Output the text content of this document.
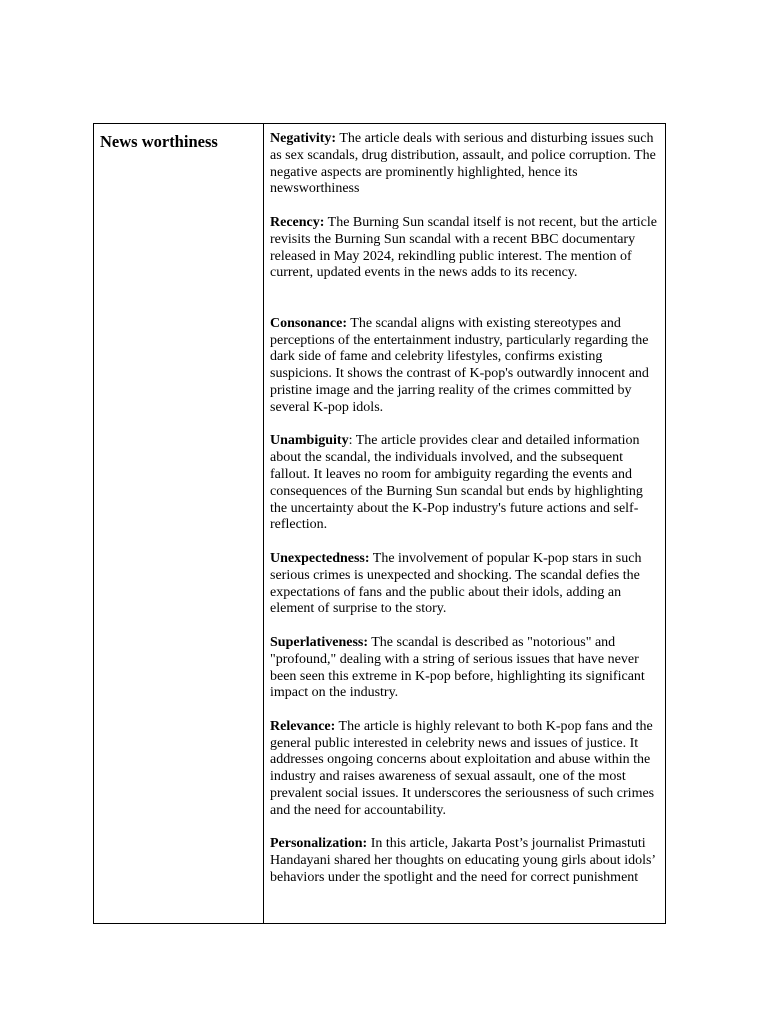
News worthiness	Negativity: The article deals with serious and disturbing issues such as sex scandals, drug distribution, assault, and police corruption. The negative aspects are prominently highlighted, hence its newsworthiness

Recency: The Burning Sun scandal itself is not recent, but the article revisits the Burning Sun scandal with a recent BBC documentary released in May 2024, rekindling public interest. The mention of current, updated events in the news adds to its recency.

Consonance: The scandal aligns with existing stereotypes and perceptions of the entertainment industry, particularly regarding the dark side of fame and celebrity lifestyles, confirms existing suspicions. It shows the contrast of K-pop's outwardly innocent and pristine image and the jarring reality of the crimes committed by several K-pop idols.

Unambiguity: The article provides clear and detailed information about the scandal, the individuals involved, and the subsequent fallout. It leaves no room for ambiguity regarding the events and consequences of the Burning Sun scandal but ends by highlighting the uncertainty about the K-Pop industry's future actions and self-reflection.

Unexpectedness: The involvement of popular K-pop stars in such serious crimes is unexpected and shocking. The scandal defies the expectations of fans and the public about their idols, adding an element of surprise to the story.

Superlativeness: The scandal is described as "notorious" and "profound," dealing with a string of serious issues that have never been seen this extreme in K-pop before, highlighting its significant impact on the industry.

Relevance: The article is highly relevant to both K-pop fans and the general public interested in celebrity news and issues of justice. It addresses ongoing concerns about exploitation and abuse within the industry and raises awareness of sexual assault, one of the most prevalent social issues. It underscores the seriousness of such crimes and the need for accountability.

Personalization: In this article, Jakarta Post’s journalist Primastuti Handayani shared her thoughts on educating young girls about idols’ behaviors under the spotlight and the need for correct punishment
